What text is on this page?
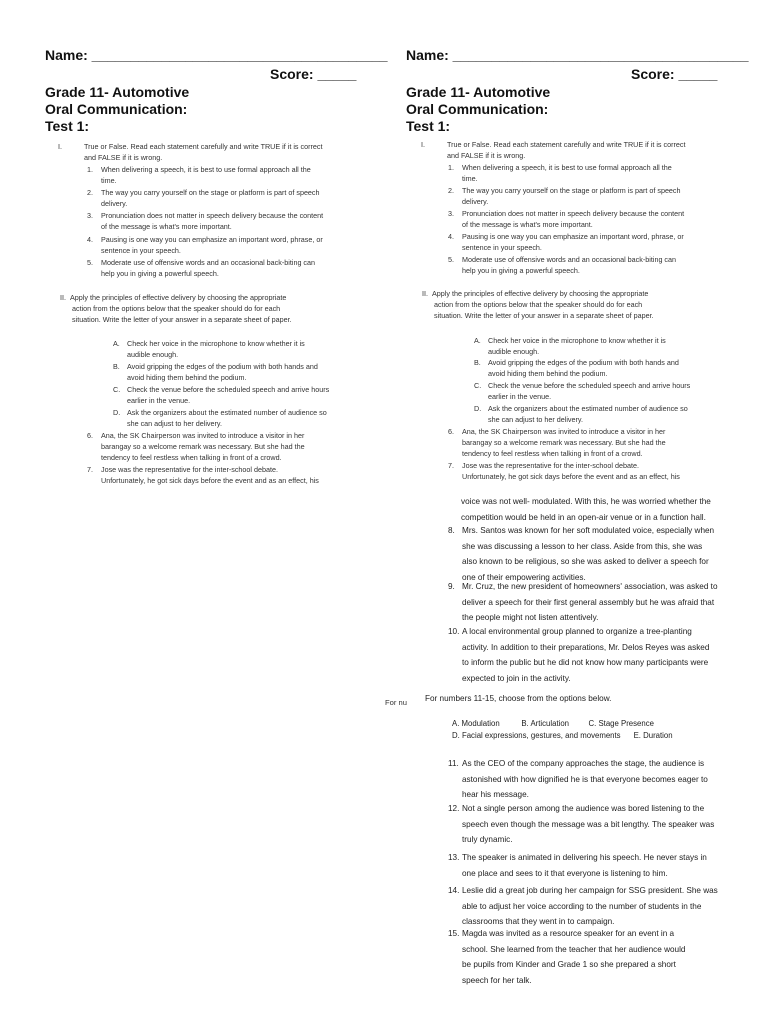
Name: ______________________________________
Score: _____
Grade 11- Automotive
Oral Communication:
Test 1:
I.	True or False. Read each statement carefully and write TRUE if it is correct
and FALSE if it is wrong.
1.	When delivering a speech, it is best to use formal approach all the
time.
2.	The way you carry yourself on the stage or platform is part of speech
delivery.
3.	Pronunciation does not matter in speech delivery because the content
of the message is what's more important.
4.	Pausing is one way you can emphasize an important word, phrase, or
sentence in your speech.
5.	Moderate use of offensive words and an occasional back-biting can
help you in giving a powerful speech.
II. Apply the principles of effective delivery by choosing the appropriate
action from the options below that the speaker should do for each
situation. Write the letter of your answer in a separate sheet of paper.
A.	Check her voice in the microphone to know whether it is
audible enough.
B.	Avoid gripping the edges of the podium with both hands and
avoid hiding them behind the podium.
C. Check the venue before the scheduled speech and arrive hours
earlier in the venue.
D. Ask the organizers about the estimated number of audience so
she can adjust to her delivery.
6.	Ana, the SK Chairperson was invited to introduce a visitor in her
barangay so a welcome remark was necessary. But she had the
tendency to feel restless when talking in front of a crowd.
7.	Jose was the representative for the inter-school debate.
Unfortunately, he got sick days before the event and as an effect, his
Name: ______________________________________
Score: _____
Grade 11- Automotive
Oral Communication:
Test 1:
I.	True or False. Read each statement carefully and write TRUE if it is correct
and FALSE if it is wrong.
1.	When delivering a speech, it is best to use formal approach all the
time.
2.	The way you carry yourself on the stage or platform is part of speech
delivery.
3.	Pronunciation does not matter in speech delivery because the content
of the message is what's more important.
4.	Pausing is one way you can emphasize an important word, phrase, or
sentence in your speech.
5.	Moderate use of offensive words and an occasional back-biting can
help you in giving a powerful speech.
II. Apply the principles of effective delivery by choosing the appropriate
action from the options below that the speaker should do for each
situation. Write the letter of your answer in a separate sheet of paper.
A.	Check her voice in the microphone to know whether it is
audible enough.
B.	Avoid gripping the edges of the podium with both hands and
avoid hiding them behind the podium.
C. Check the venue before the scheduled speech and arrive hours
earlier in the venue.
D. Ask the organizers about the estimated number of audience so
she can adjust to her delivery.
6.	Ana, the SK Chairperson was invited to introduce a visitor in her
barangay so a welcome remark was necessary. But she had the
tendency to feel restless when talking in front of a crowd.
7.	Jose was the representative for the inter-school debate.
Unfortunately, he got sick days before the event and as an effect, his
voice was not well- modulated. With this, he was worried whether the
competition would be held in an open-air venue or in a function hall.
8. Mrs. Santos was known for her soft modulated voice, especially when
she was discussing a lesson to her class. Aside from this, she was
also known to be religious, so she was asked to deliver a speech for
one of their empowering activities.
9. Mr. Cruz, the new president of homeowners' association, was asked to
deliver a speech for their first general assembly but he was afraid that
the people might not listen attentively.
10. A local environmental group planned to organize a tree-planting
activity. In addition to their preparations, Mr. Delos Reyes was asked
to inform the public but he did not know how many participants were
expected to join in the activity.
For nu For numbers 11-15, choose from the options below.
A. Modulation          B. Articulation         C. Stage Presence
D. Facial expressions, gestures, and movements      E. Duration
11. As the CEO of the company approaches the stage, the audience is
astonished with how dignified he is that everyone becomes eager to
hear his message.
12. Not a single person among the audience was bored listening to the
speech even though the message was a bit lengthy. The speaker was
truly dynamic.
13. The speaker is animated in delivering his speech. He never stays in
one place and sees to it that everyone is listening to him.
14. Leslie did a great job during her campaign for SSG president. She was
able to adjust her voice according to the number of students in the
classrooms that they went in to campaign.
15. Magda was invited as a resource speaker for an event in a
school. She learned from the teacher that her audience would
be pupils from Kinder and Grade 1 so she prepared a short
speech for her talk.
